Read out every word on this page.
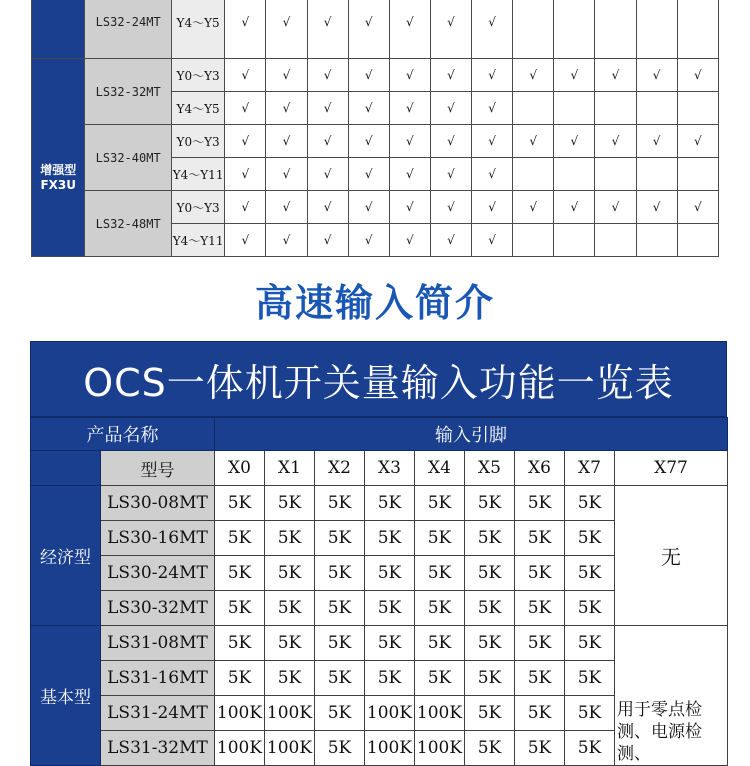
	LS32-24MT	Y4～Y5	√	√	√	√	√	√	√					
增强型 FX3U	LS32-32MT	Y0～Y3	√	√	√	√	√	√	√	√	√	√	√	√
		Y4～Y5	√	√	√	√	√	√	√					
	LS32-40MT	Y0～Y3	√	√	√	√	√	√	√	√	√	√	√	√
		Y4～Y11	√	√	√	√	√	√	√					
	LS32-48MT	Y0～Y3	√	√	√	√	√	√	√	√	√	√	√	√
		Y4～Y11	√	√	√	√	√	√	√					
高速输入简介
OCS一体机开关量输入功能一览表
产品名称		输入引脚								
	型号	X0	X1	X2	X3	X4	X5	X6	X7	X77
经济型	LS30-08MT	5K	5K	5K	5K	5K	5K	5K	5K	无
	LS30-16MT	5K	5K	5K	5K	5K	5K	5K	5K	
	LS30-24MT	5K	5K	5K	5K	5K	5K	5K	5K	
	LS30-32MT	5K	5K	5K	5K	5K	5K	5K	5K	
基本型	LS31-08MT	5K	5K	5K	5K	5K	5K	5K	5K	用于零点检测、电源检测、
	LS31-16MT	5K	5K	5K	5K	5K	5K	5K	5K	
	LS31-24MT	100K	100K	5K	100K	100K	5K	5K	5K	
	LS31-32MT	100K	100K	5K	100K	100K	5K	5K	5K	
